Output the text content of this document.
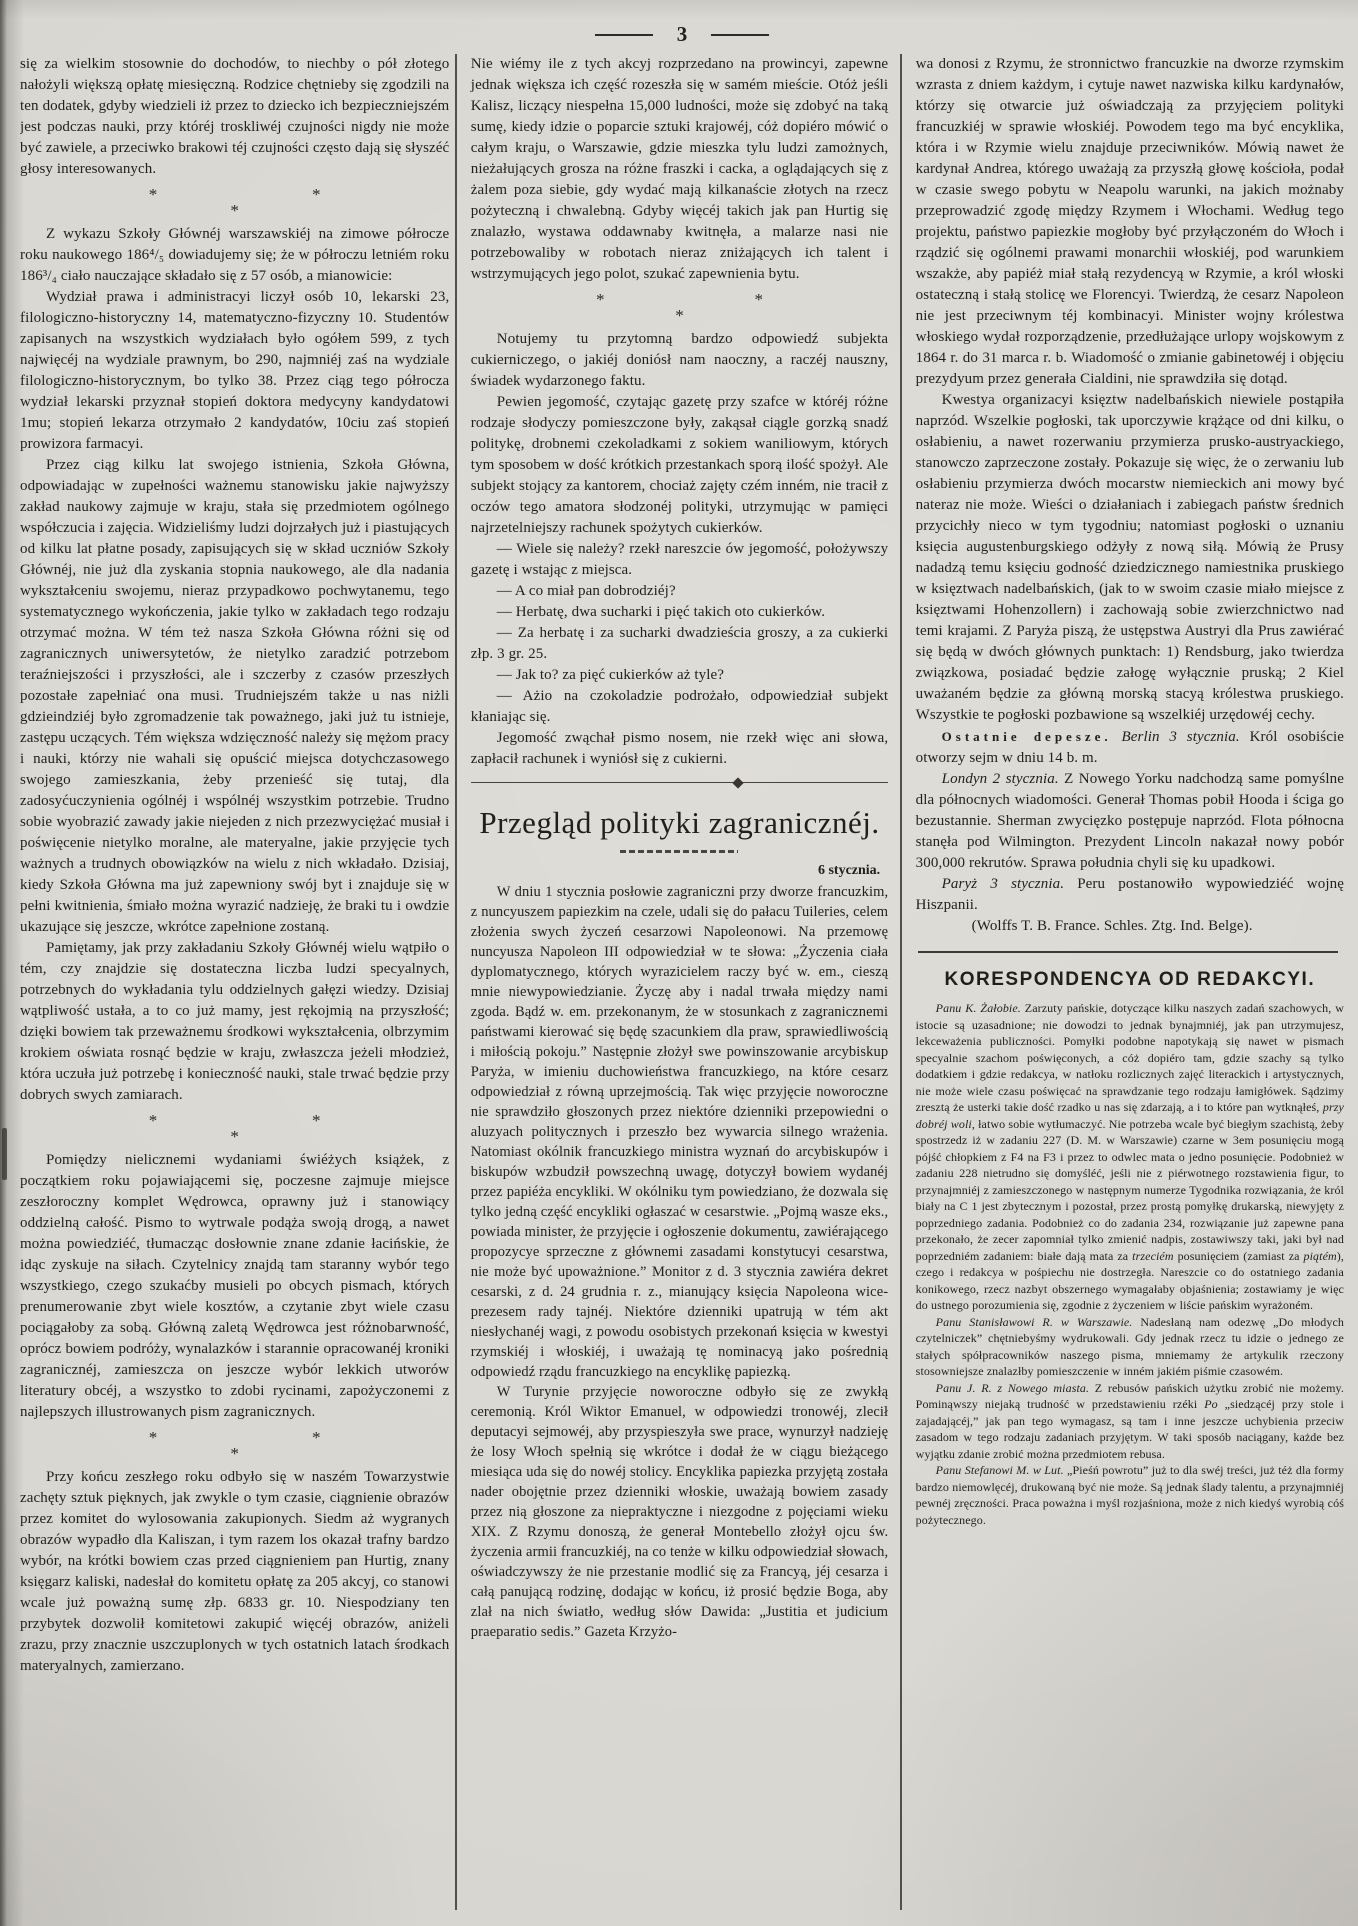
3

się za wielkim stosownie do dochodów, to niechby o pół złotego nałożyli większą opłatę miesięczną. Rodzice chętnieby się zgodzili na ten dodatek, gdyby wiedzieli iż przez to dziecko ich bezpieczniejszém jest podczas nauki, przy któréj troskliwéj czujności nigdy nie może być zawiele, a przeciwko brakowi téj czujności często dają się słyszéć głosy interesowanych.

*	*
*

Z wykazu Szkoły Głównéj warszawskiéj na zimowe półrocze roku naukowego 186⁴/₅ dowiadujemy się; że w półroczu letniém roku 186³/₄ ciało nauczające składało się z 57 osób, a mianowicie:

Wydział prawa i administracyi liczył osób 10, lekarski 23, filologiczno-historyczny 14, matematyczno-fizyczny 10. Studentów zapisanych na wszystkich wydziałach było ogółem 599, z tych najwięcéj na wydziale prawnym, bo 290, najmniéj zaś na wydziale filologiczno-historycznym, bo tylko 38. Przez ciąg tego półrocza wydział lekarski przyznał stopień doktora medycyny kandydatowi 1mu; stopień lekarza otrzymało 2 kandydatów, 10ciu zaś stopień prowizora farmacyi.

Przez ciąg kilku lat swojego istnienia, Szkoła Główna, odpowiadając w zupełności ważnemu stanowisku jakie najwyższy zakład naukowy zajmuje w kraju, stała się przedmiotem ogólnego współczucia i zajęcia. Widzieliśmy ludzi dojrzałych już i piastujących od kilku lat płatne posady, zapisujących się w skład uczniów Szkoły Głównéj, nie już dla zyskania stopnia naukowego, ale dla nadania wykształceniu swojemu, nieraz przypadkowo pochwytanemu, tego systematycznego wykończenia, jakie tylko w zakładach tego rodzaju otrzymać można. W tém też nasza Szkoła Główna różni się od zagranicznych uniwersytetów, że nietylko zaradzić potrzebom teraźniejszości i przyszłości, ale i szczerby z czasów przeszłych pozostałe zapełniać ona musi. Trudniejszém także u nas niżli gdzieindziéj było zgromadzenie tak poważnego, jaki już tu istnieje, zastępu uczących. Tém większa wdzięczność należy się mężom pracy i nauki, którzy nie wahali się opuścić miejsca dotychczasowego swojego zamieszkania, żeby przenieść się tutaj, dla zadosyćuczynienia ogólnéj i wspólnéj wszystkim potrzebie. Trudno sobie wyobrazić zawady jakie niejeden z nich przezwyciężać musiał i poświęcenie nietylko moralne, ale materyalne, jakie przyjęcie tych ważnych a trudnych obowiązków na wielu z nich wkładało. Dzisiaj, kiedy Szkoła Główna ma już zapewniony swój byt i znajduje się w pełni kwitnienia, śmiało można wyrazić nadzieję, że braki tu i owdzie ukazujące się jeszcze, wkrótce zapełnione zostaną.

Pamiętamy, jak przy zakładaniu Szkoły Głównéj wielu wątpiło o tém, czy znajdzie się dostateczna liczba ludzi specyalnych, potrzebnych do wykładania tylu oddzielnych gałęzi wiedzy. Dzisiaj wątpliwość ustała, a to co już mamy, jest rękojmią na przyszłość; dzięki bowiem tak przeważnemu środkowi wykształcenia, olbrzymim krokiem oświata rosnąć będzie w kraju, zwłaszcza jeżeli młodzież, która uczuła już potrzebę i konieczność nauki, stale trwać będzie przy dobrych swych zamiarach.

*	*
*

Pomiędzy nielicznemi wydaniami świéżych książek, z początkiem roku pojawiającemi się, poczesne zajmuje miejsce zeszłoroczny komplet Wędrowca, oprawny już i stanowiący oddzielną całość. Pismo to wytrwale podąża swoją drogą, a nawet można powiedziéć, tłumacząc dosłownie znane zdanie łacińskie, że idąc zyskuje na siłach. Czytelnicy znajdą tam staranny wybór tego wszystkiego, czego szukaćby musieli po obcych pismach, których prenumerowanie zbyt wiele kosztów, a czytanie zbyt wiele czasu pociągałoby za sobą. Główną zaletą Wędrowca jest różnobarwność, oprócz bowiem podróży, wynalazków i starannie opracowanéj kroniki zagranicznéj, zamieszcza on jeszcze wybór lekkich utworów literatury obcéj, a wszystko to zdobi rycinami, zapożyczonemi z najlepszych illustrowanych pism zagranicznych.

*	*
*

Przy końcu zeszłego roku odbyło się w naszém Towarzystwie zachęty sztuk pięknych, jak zwykle o tym czasie, ciągnienie obrazów przez komitet do wylosowania zakupionych. Siedm aż wygranych obrazów wypadło dla Kaliszan, i tym razem los okazał trafny bardzo wybór, na krótki bowiem czas przed ciągnieniem pan Hurtig, znany księgarz kaliski, nadesłał do komitetu opłatę za 205 akcyj, co stanowi wcale już poważną sumę złp. 6833 gr. 10. Niespodziany ten przybytek dozwolił komitetowi zakupić więcéj obrazów, aniżeli zrazu, przy znacznie uszczuplonych w tych ostatnich latach środkach materyalnych, zamierzano.

Nie wiémy ile z tych akcyj rozprzedano na prowincyi, zapewne jednak większa ich część rozeszła się w samém mieście. Otóż jeśli Kalisz, liczący niespełna 15,000 ludności, może się zdobyć na taką sumę, kiedy idzie o poparcie sztuki krajowéj, cóż dopiéro mówić o całym kraju, o Warszawie, gdzie mieszka tylu ludzi zamożnych, nieżałujących grosza na różne fraszki i cacka, a oglądających się z żalem poza siebie, gdy wydać mają kilkanaście złotych na rzecz pożyteczną i chwalebną. Gdyby więcéj takich jak pan Hurtig się znalazło, wystawa oddawnaby kwitnęła, a malarze nasi nie potrzebowaliby w robotach nieraz zniżających ich talent i wstrzymujących jego polot, szukać zapewnienia bytu.

*	*
*

Notujemy tu przytomną bardzo odpowiedź subjekta cukierniczego, o jakiéj doniósł nam naoczny, a raczéj nauszny, świadek wydarzonego faktu.

Pewien jegomość, czytając gazetę przy szafce w któréj różne rodzaje słodyczy pomieszczone były, zakąsał ciągle gorzką snadź politykę, drobnemi czekoladkami z sokiem waniliowym, których tym sposobem w dość krótkich przestankach sporą ilość spożył. Ale subjekt stojący za kantorem, chociaż zajęty czém inném, nie tracił z oczów tego amatora słodzonéj polityki, utrzymując w pamięci najrzetelniejszy rachunek spożytych cukierków.

— Wiele się należy? rzekł nareszcie ów jegomość, położywszy gazetę i wstając z miejsca.

— A co miał pan dobrodziéj?

— Herbatę, dwa sucharki i pięć takich oto cukierków.

— Za herbatę i za sucharki dwadzieścia groszy, a za cukierki złp. 3 gr. 25.

— Jak to? za pięć cukierków aż tyle?

— Ażio na czokoladzie podrożało, odpowiedział subjekt kłaniając się.

Jegomość zwąchał pismo nosem, nie rzekł więc ani słowa, zapłacił rachunek i wyniósł się z cukierni.

Przegląd polityki zagranicznéj.
6 stycznia.

W dniu 1 stycznia posłowie zagraniczni przy dworze francuzkim, z nuncyuszem papiezkim na czele, udali się do pałacu Tuileries, celem złożenia swych życzeń cesarzowi Napoleonowi. Na przemowę nuncyusza Napoleon III odpowiedział w te słowa: „Życzenia ciała dyplomatycznego, których wyrazicielem raczy być w. em., cieszą mnie niewypowiedzianie. Życzę aby i nadal trwała między nami zgoda. Bądź w. em. przekonanym, że w stosunkach z zagranicznemi państwami kierować się będę szacunkiem dla praw, sprawiedliwością i miłością pokoju.” Następnie złożył swe powinszowanie arcybiskup Paryża, w imieniu duchowieństwa francuzkiego, na które cesarz odpowiedział z równą uprzejmością. Tak więc przyjęcie noworoczne nie sprawdziło głoszonych przez niektóre dzienniki przepowiedni o aluzyach politycznych i przeszło bez wywarcia silnego wrażenia. Natomiast okólnik francuzkiego ministra wyznań do arcybiskupów i biskupów wzbudził powszechną uwagę, dotyczył bowiem wydanéj przez papiéża encykliki. W okólniku tym powiedziano, że dozwala się tylko jedną część encykliki ogłaszać w cesarstwie. „Pojmą wasze eks., powiada minister, że przyjęcie i ogłoszenie dokumentu, zawiérającego propozycye sprzeczne z głównemi zasadami konstytucyi cesarstwa, nie może być upoważnione.” Monitor z d. 3 stycznia zawiéra dekret cesarski, z d. 24 grudnia r. z., mianujący księcia Napoleona wice-prezesem rady tajnéj. Niektóre dzienniki upatrują w tém akt niesłychanéj wagi, z powodu osobistych przekonań księcia w kwestyi rzymskiéj i włoskiéj, i uważają tę nominacyą jako pośrednią odpowiedź rządu francuzkiego na encyklikę papiezką.

W Turynie przyjęcie noworoczne odbyło się ze zwykłą ceremonią. Król Wiktor Emanuel, w odpowiedzi tronowéj, zlecił deputacyi sejmowéj, aby przyspieszyła swe prace, wynurzył nadzieję że losy Włoch spełnią się wkrótce i dodał że w ciągu bieżącego miesiąca uda się do nowéj stolicy. Encyklika papiezka przyjętą została nader obojętnie przez dzienniki włoskie, uważają bowiem zasady przez nią głoszone za niepraktyczne i niezgodne z pojęciami wieku XIX. Z Rzymu donoszą, że generał Montebello złożył ojcu św. życzenia armii francuzkiéj, na co tenże w kilku odpowiedział słowach, oświadczywszy że nie przestanie modlić się za Francyą, jéj cesarza i całą panującą rodzinę, dodając w końcu, iż prosić będzie Boga, aby zlał na nich światło, według słów Dawida: „Justitia et judicium praeparatio sedis.” Gazeta Krzyżo-

wa donosi z Rzymu, że stronnictwo francuzkie na dworze rzymskim wzrasta z dniem każdym, i cytuje nawet nazwiska kilku kardynałów, którzy się otwarcie już oświadczają za przyjęciem polityki francuzkiéj w sprawie włoskiéj. Powodem tego ma być encyklika, która i w Rzymie wielu znajduje przeciwników. Mówią nawet że kardynał Andrea, którego uważają za przyszłą głowę kościoła, podał w czasie swego pobytu w Neapolu warunki, na jakich możnaby przeprowadzić zgodę między Rzymem i Włochami. Według tego projektu, państwo papiezkie mogłoby być przyłączoném do Włoch i rządzić się ogólnemi prawami monarchii włoskiéj, pod warunkiem wszakże, aby papiéż miał stałą rezydencyą w Rzymie, a król włoski ostateczną i stałą stolicę we Florencyi. Twierdzą, że cesarz Napoleon nie jest przeciwnym téj kombinacyi. Minister wojny królestwa włoskiego wydał rozporządzenie, przedłużające urlopy wojskowym z 1864 r. do 31 marca r. b. Wiadomość o zmianie gabinetowéj i objęciu prezydyum przez generała Cialdini, nie sprawdziła się dotąd.

Kwestya organizacyi księztw nadelbańskich niewiele postąpiła naprzód. Wszelkie pogłoski, tak uporczywie krążące od dni kilku, o osłabieniu, a nawet rozerwaniu przymierza prusko-austryackiego, stanowczo zaprzeczone zostały. Pokazuje się więc, że o zerwaniu lub osłabieniu przymierza dwóch mocarstw niemieckich ani mowy być nateraz nie może. Wieści o działaniach i zabiegach państw średnich przycichły nieco w tym tygodniu; natomiast pogłoski o uznaniu księcia augustenburgskiego odżyły z nową siłą. Mówią że Prusy nadadzą temu księciu godność dziedzicznego namiestnika pruskiego w księztwach nadelbańskich, (jak to w swoim czasie miało miejsce z księztwami Hohenzollern) i zachowają sobie zwierzchnictwo nad temi krajami. Z Paryża piszą, że ustępstwa Austryi dla Prus zawiérać się będą w dwóch głównych punktach: 1) Rendsburg, jako twierdza związkowa, posiadać będzie załogę wyłącznie pruską; 2 Kiel uważaném będzie za główną morską stacyą królestwa pruskiego. Wszystkie te pogłoski pozbawione są wszelkiéj urzędowéj cechy.

Ostatnie depesze. Berlin 3 stycznia. Król osobiście otworzy sejm w dniu 14 b. m.

Londyn 2 stycznia. Z Nowego Yorku nadchodzą same pomyślne dla północnych wiadomości. Generał Thomas pobił Hooda i ściga go bezustannie. Sherman zwycięzko postępuje naprzód. Flota północna stanęła pod Wilmington. Prezydent Lincoln nakazał nowy pobór 300,000 rekrutów. Sprawa południa chyli się ku upadkowi.

Paryż 3 stycznia. Peru postanowiło wypowiedziéć wojnę Hiszpanii.

(Wolffs T. B. France. Schles. Ztg. Ind. Belge).

KORESPONDENCYA OD REDAKCYI.

Panu K. Żałobie. Zarzuty pańskie, dotyczące kilku naszych zadań szachowych, w istocie są uzasadnione; nie dowodzi to jednak bynajmniéj, jak pan utrzymujesz, lekceważenia publiczności. Pomyłki podobne napotykają się nawet w pismach specyalnie szachom poświęconych, a cóż dopiéro tam, gdzie szachy są tylko dodatkiem i gdzie redakcya, w natłoku rozlicznych zajęć literackich i artystycznych, nie może wiele czasu poświęcać na sprawdzanie tego rodzaju łamigłówek. Sądzimy zresztą że usterki takie dość rzadko u nas się zdarzają, a i to które pan wytknąłeś, przy dobréj woli, łatwo sobie wytłumaczyć. Nie potrzeba wcale być biegłym szachistą, żeby spostrzedz iż w zadaniu 227 (D. M. w Warszawie) czarne w 3em posunięciu mogą pójść chłopkiem z F4 na F3 i przez to odwlec mata o jedno posunięcie. Podobnież w zadaniu 228 nietrudno się domyśléć, jeśli nie z piérwotnego rozstawienia figur, to przynajmniéj z zamieszczonego w następnym numerze Tygodnika rozwiązania, że król biały na C 1 jest zbytecznym i pozostał, przez prostą pomyłkę drukarską, niewyjęty z poprzedniego zadania. Podobnież co do zadania 234, rozwiązanie już zapewne pana przekonało, że zecer zapomniał tylko zmienić nadpis, zostawiwszy taki, jaki był nad poprzedniém zadaniem: białe dają mata za trzeciém posunięciem (zamiast za piątém), czego i redakcya w pośpiechu nie dostrzegła. Nareszcie co do ostatniego zadania konikowego, rzecz nazbyt obszernego wymagałaby objaśnienia; zostawiamy je więc do ustnego porozumienia się, zgodnie z życzeniem w liście pańskim wyrażoném.

Panu Stanisławowi R. w Warszawie. Nadesłaną nam odezwę „Do młodych czytelniczek” chętniebyśmy wydrukowali. Gdy jednak rzecz tu idzie o jednego ze stałych spółpracowników naszego pisma, mniemamy że artykulik rzeczony stosowniejsze znalazłby pomieszczenie w inném jakiém piśmie czasowém.

Panu J. R. z Nowego miasta. Z rebusów pańskich użytku zrobić nie możemy. Pominąwszy niejaką trudność w przedstawieniu rzéki Po „siedzącéj przy stole i zajadającéj,” jak pan tego wymagasz, są tam i inne jeszcze uchybienia przeciw zasadom w tego rodzaju zadaniach przyjętym. W taki sposób naciągany, każde bez wyjątku zdanie zrobić można przedmiotem rebusa.

Panu Stefanowi M. w Lut. „Pieśń powrotu” już to dla swéj treści, już téż dla formy bardzo niemowlęcéj, drukowaną być nie może. Są jednak ślady talentu, a przynajmniéj pewnéj zręczności. Praca poważna i myśl rozjaśniona, może z nich kiedyś wyrobią cóś pożytecznego.
